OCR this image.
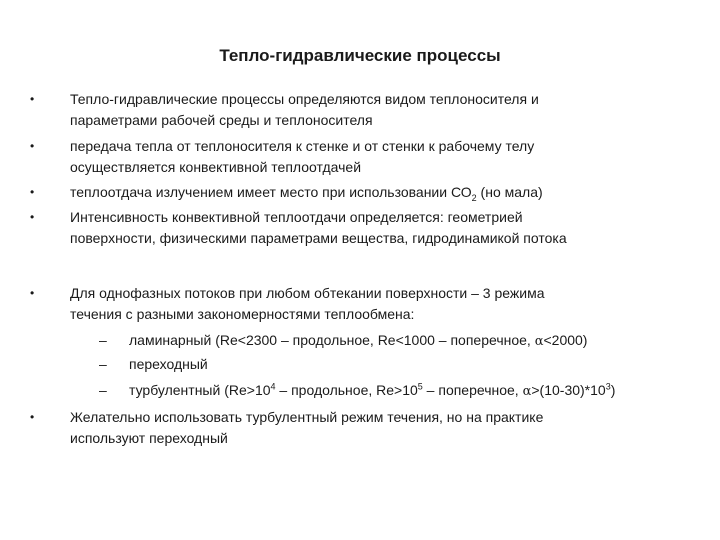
Тепло-гидравлические процессы
•	Тепло-гидравлические процессы определяются видом теплоносителя и
параметрами рабочей среды и теплоносителя
•	передача тепла от теплоносителя к стенке и от стенки к рабочему телу
осуществляется конвективной теплоотдачей
•	теплоотдача излучением имеет место при использовании $СО_2$ (но мала)
•	Интенсивность конвективной теплоотдачи определяется: геометрией
поверхности, физическими параметрами вещества, гидродинамикой потока
•	Для однофазных потоков при любом обтекании поверхности – 3 режима
течения с разными закономерностями теплообмена:
– ламинарный (Re<2300 – продольное, Re<1000 – поперечное, α<2000)
– переходный
– турбулентный ($Re>10^4$ – продольное, $Re>10^5$ – поперечное, $\alpha>(10-30)*10^3$)
•	Желательно использовать турбулентный режим течения, но на практике
используют переходный
